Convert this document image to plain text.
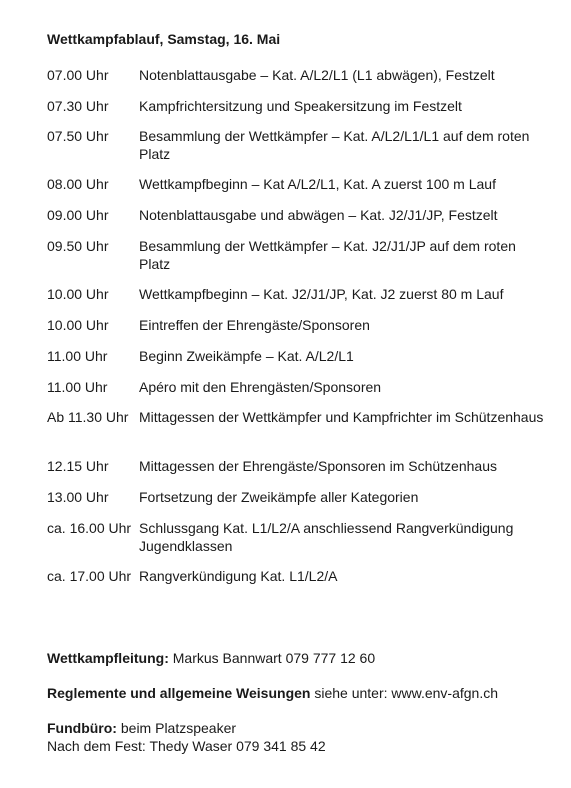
Wettkampfablauf, Samstag, 16. Mai
07.00 Uhr	Notenblattausgabe – Kat. A/L2/L1 (L1 abwägen), Festzelt
07.30 Uhr	Kampfrichtersitzung und Speakersitzung im Festzelt
07.50 Uhr	Besammlung der Wettkämpfer – Kat. A/L2/L1/L1 auf dem roten Platz
08.00 Uhr	Wettkampfbeginn – Kat A/L2/L1, Kat. A zuerst 100 m Lauf
09.00 Uhr	Notenblattausgabe und abwägen – Kat. J2/J1/JP, Festzelt
09.50 Uhr	Besammlung der Wettkämpfer – Kat. J2/J1/JP auf dem roten Platz
10.00 Uhr	Wettkampfbeginn – Kat. J2/J1/JP, Kat. J2 zuerst 80 m Lauf
10.00 Uhr	Eintreffen der Ehrengäste/Sponsoren
11.00 Uhr	Beginn Zweikämpfe – Kat. A/L2/L1
11.00 Uhr	Apéro mit den Ehrengästen/Sponsoren
Ab 11.30 Uhr Mittagessen der Wettkämpfer und Kampfrichter im Schützenhaus
12.15 Uhr	Mittagessen der Ehrengäste/Sponsoren im Schützenhaus
13.00 Uhr	Fortsetzung der Zweikämpfe aller Kategorien
ca. 16.00 Uhr Schlussgang Kat. L1/L2/A anschliessend Rangverkündigung Jugendklassen
ca. 17.00 Uhr Rangverkündigung Kat. L1/L2/A
Wettkampfleitung: Markus Bannwart 079 777 12 60
Reglemente und allgemeine Weisungen siehe unter: www.env-afgn.ch
Fundbüro: beim Platzspeaker
Nach dem Fest: Thedy Waser 079 341 85 42
